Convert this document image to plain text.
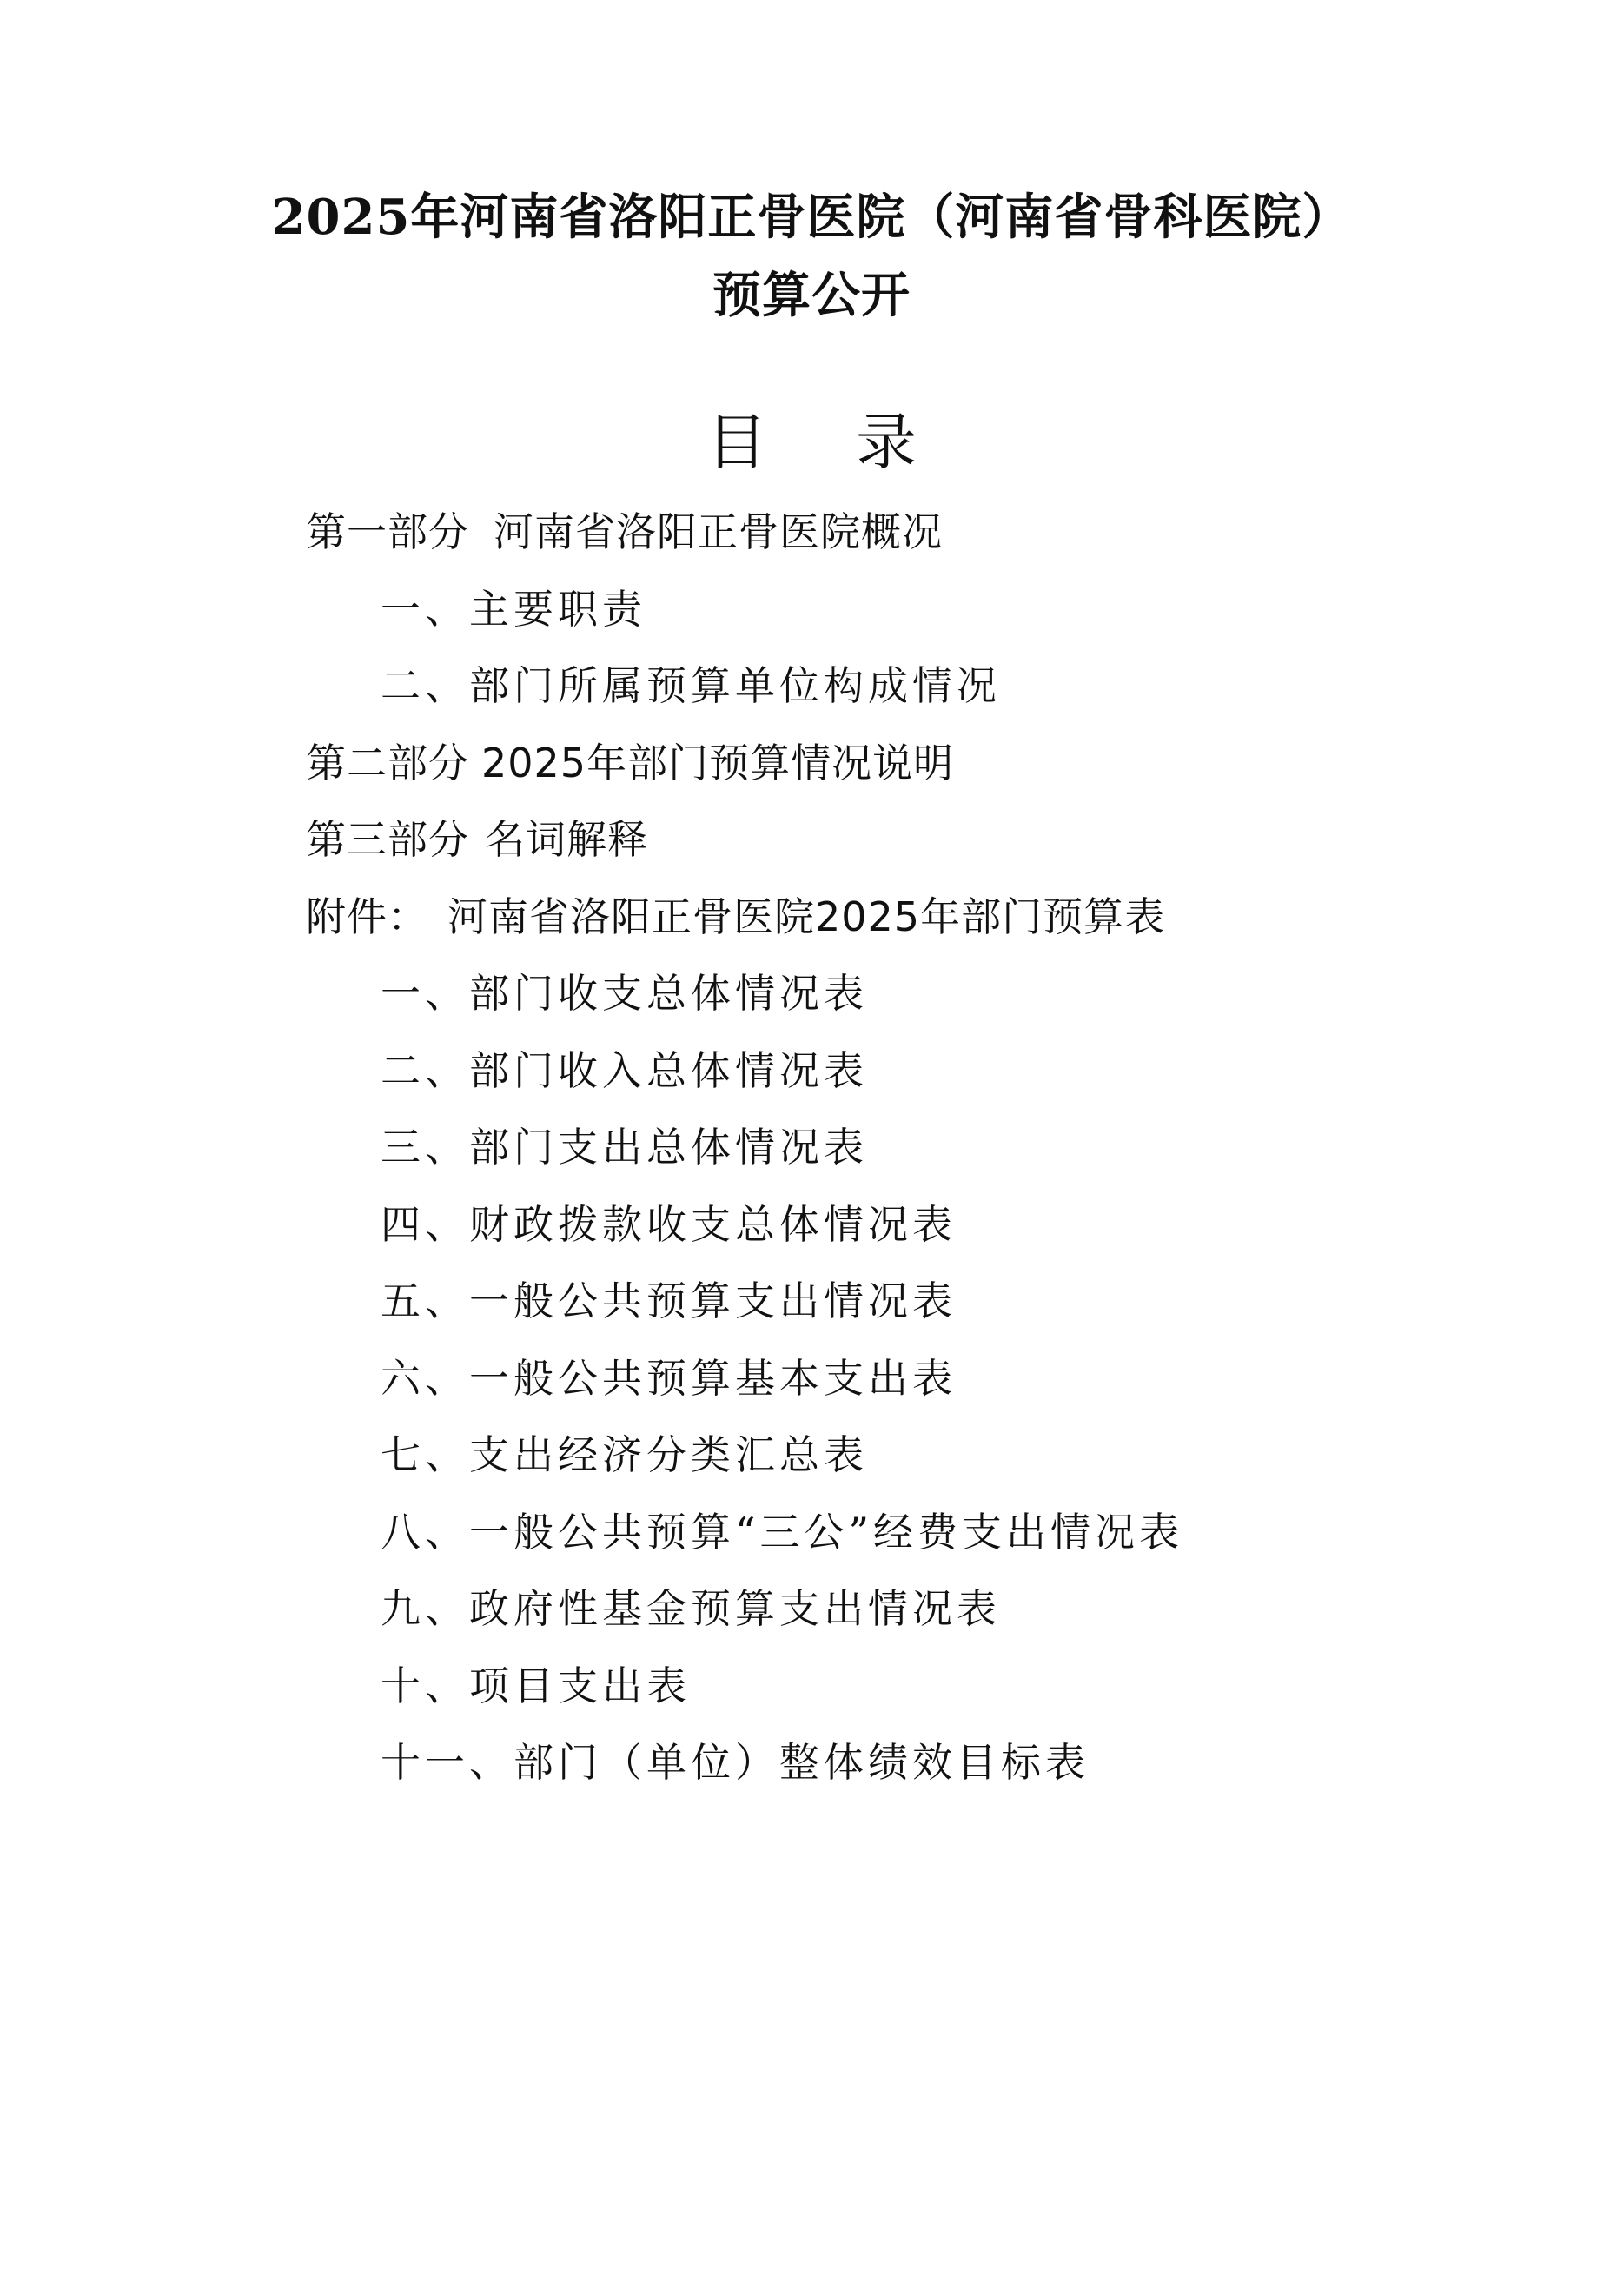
2025年河南省洛阳正骨医院（河南省骨科医院）
预算公开
目 录
第一部分 河南省洛阳正骨医院概况
一、主要职责
二、部门所属预算单位构成情况
第二部分 2025年部门预算情况说明
第三部分 名词解释
附件： 河南省洛阳正骨医院2025年部门预算表
一、部门收支总体情况表
二、部门收入总体情况表
三、部门支出总体情况表
四、财政拨款收支总体情况表
五、一般公共预算支出情况表
六、一般公共预算基本支出表
七、支出经济分类汇总表
八、一般公共预算“三公”经费支出情况表
九、政府性基金预算支出情况表
十、项目支出表
十一、部门（单位）整体绩效目标表
